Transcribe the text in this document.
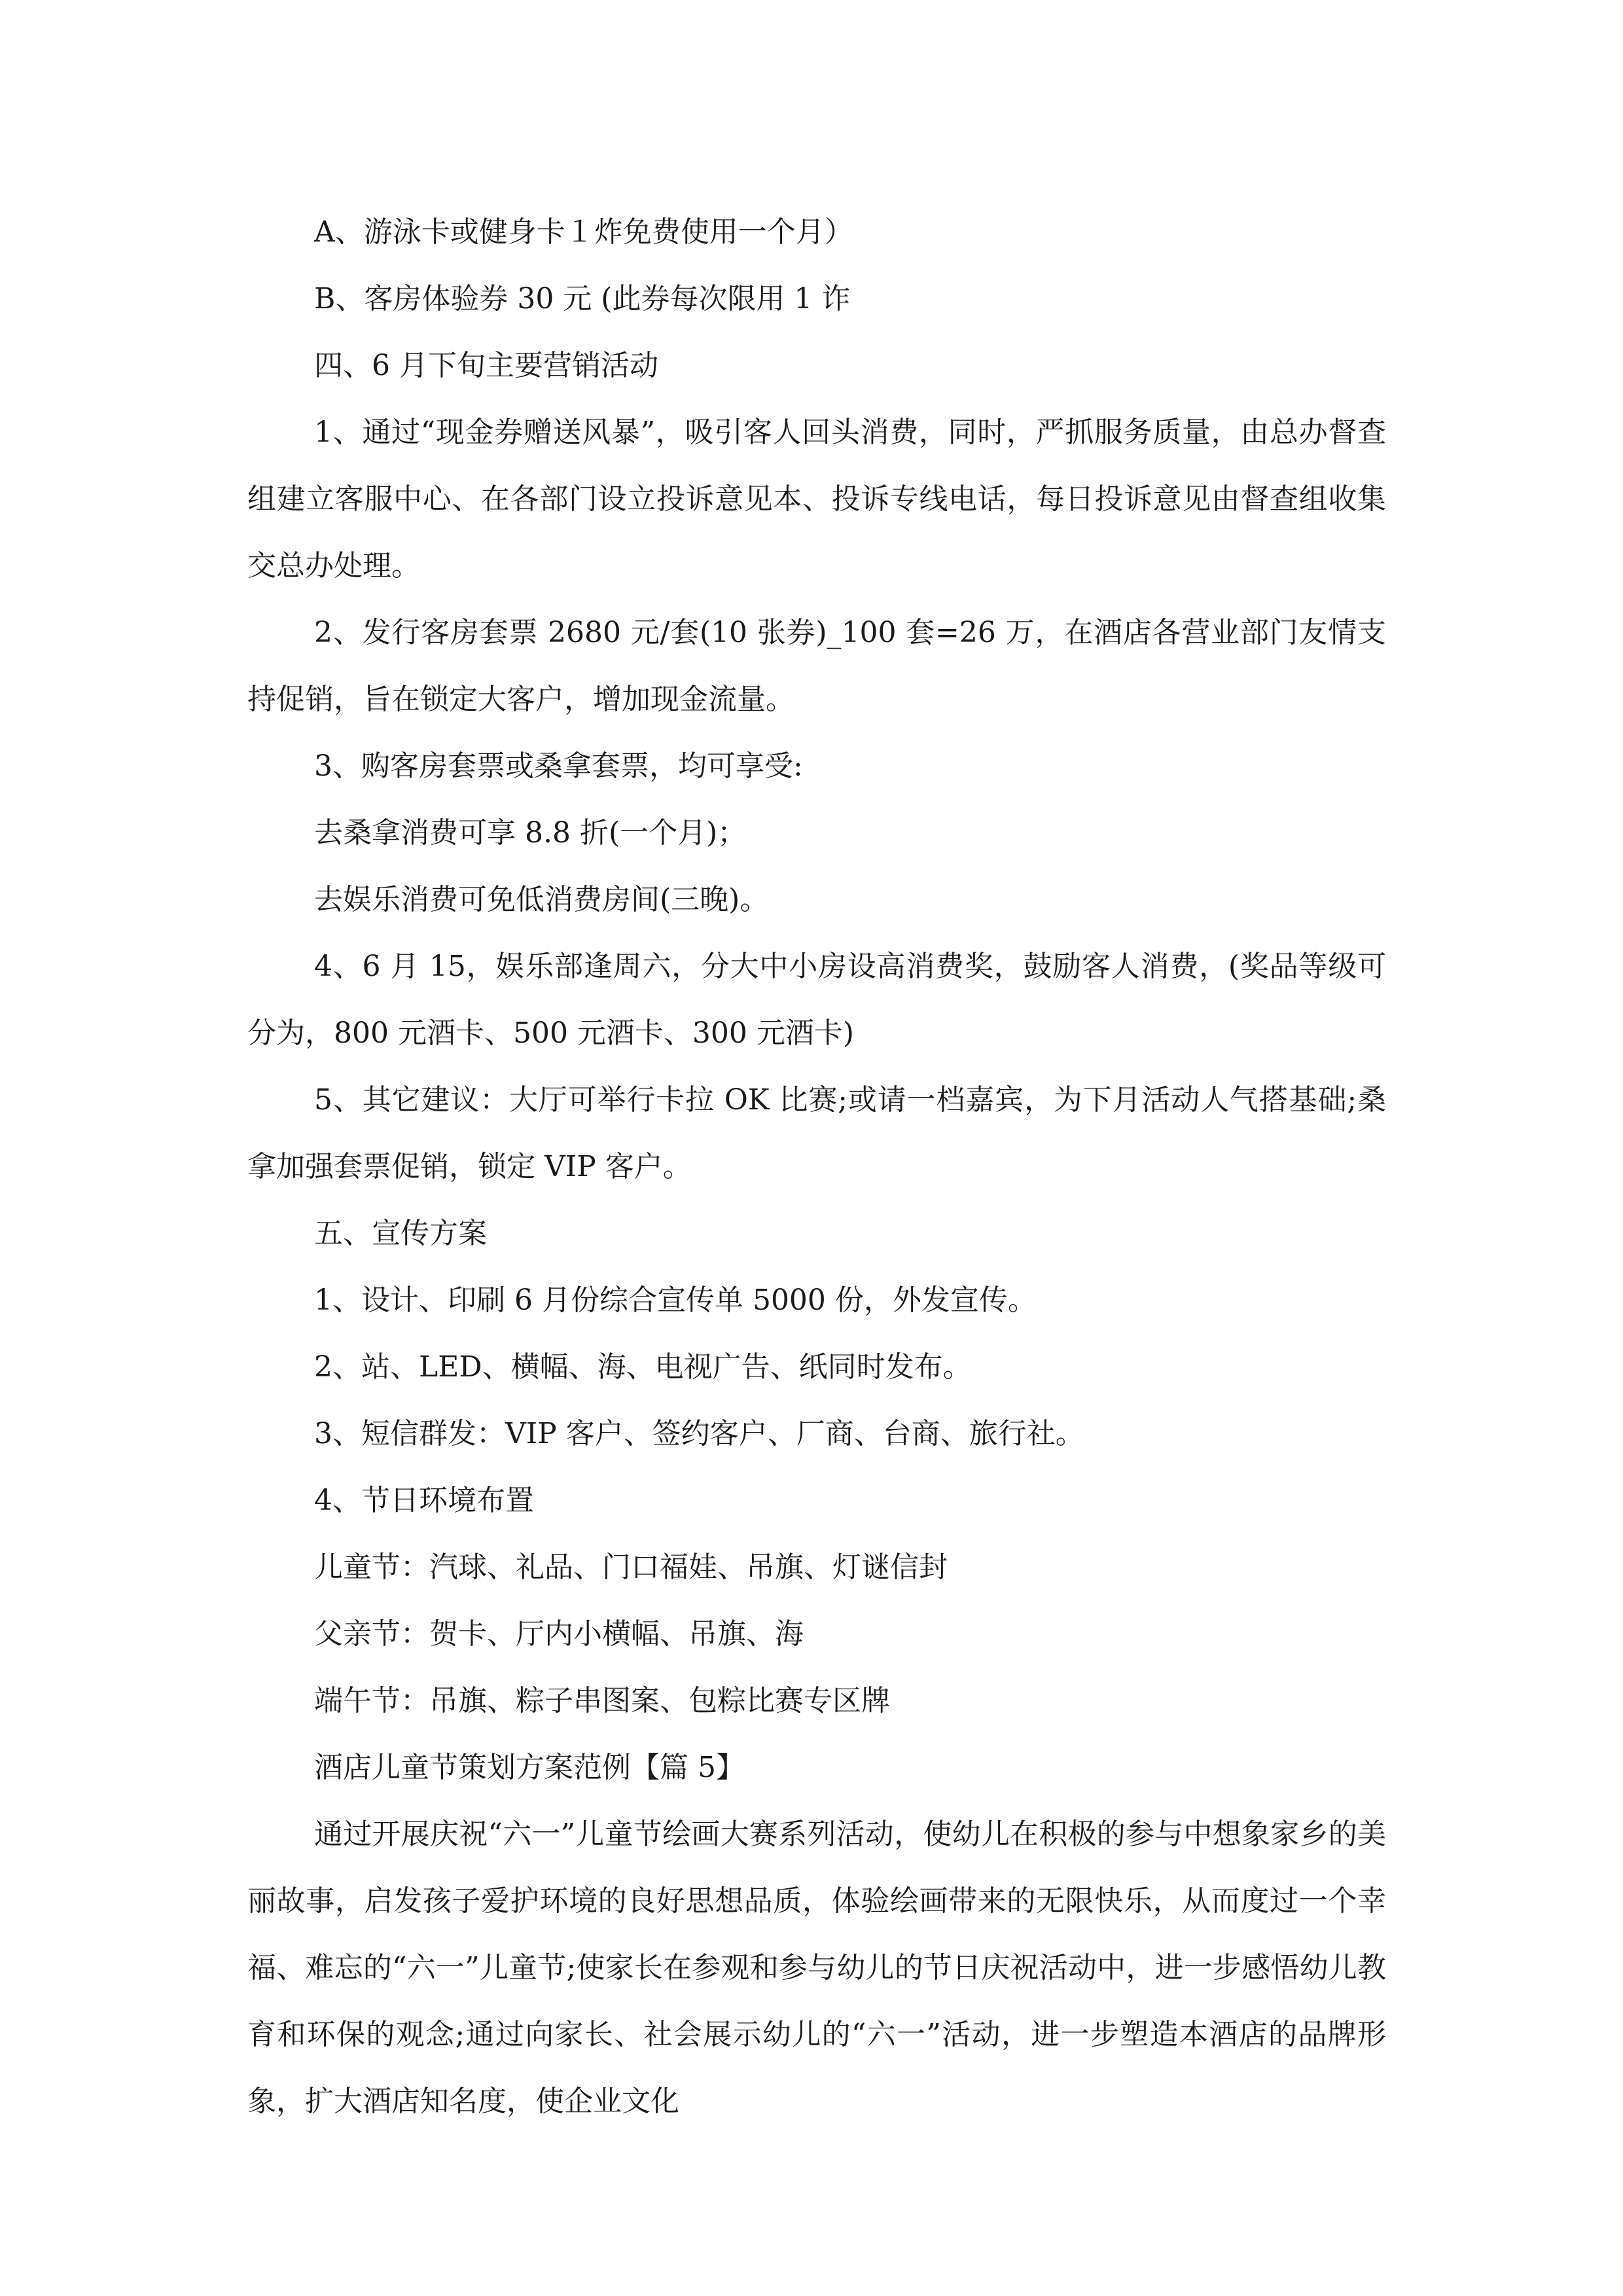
A、游泳卡或健身卡１炸免费使用一个月）

B、客房体验券 30 元 (此券每次限用 1 诈

四、6 月下旬主要营销活动

1、通过“现金券赠送风暴”，吸引客人回头消费，同时，严抓服务质量，由总办督查组建立客服中心、在各部门设立投诉意见本、投诉专线电话，每日投诉意见由督查组收集交总办处理。

2、发行客房套票 2680 元/套(10 张券)_100 套=26 万，在酒店各营业部门友情支持促销，旨在锁定大客户，增加现金流量。

3、购客房套票或桑拿套票，均可享受:

去桑拿消费可享 8.8 折(一个月)；

去娱乐消费可免低消费房间(三晚)。

4、6 月 15，娱乐部逢周六，分大中小房设高消费奖，鼓励客人消费，(奖品等级可分为，800 元酒卡、500 元酒卡、300 元酒卡)

5、其它建议：大厅可举行卡拉 OK 比赛;或请一档嘉宾，为下月活动人气搭基础;桑拿加强套票促销，锁定 VIP 客户。

五、宣传方案

1、设计、印刷 6 月份综合宣传单 5000 份，外发宣传。

2、站、LED、横幅、海、电视广告、纸同时发布。

3、短信群发：VIP 客户、签约客户、厂商、台商、旅行社。

4、节日环境布置

儿童节：汽球、礼品、门口福娃、吊旗、灯谜信封

父亲节：贺卡、厅内小横幅、吊旗、海

端午节：吊旗、粽子串图案、包粽比赛专区牌

酒店儿童节策划方案范例【篇 5】

通过开展庆祝“六一”儿童节绘画大赛系列活动，使幼儿在积极的参与中想象家乡的美丽故事，启发孩子爱护环境的良好思想品质，体验绘画带来的无限快乐，从而度过一个幸福、难忘的“六一”儿童节;使家长在参观和参与幼儿的节日庆祝活动中，进一步感悟幼儿教育和环保的观念;通过向家长、社会展示幼儿的“六一”活动，进一步塑造本酒店的品牌形象，扩大酒店知名度，使企业文化
